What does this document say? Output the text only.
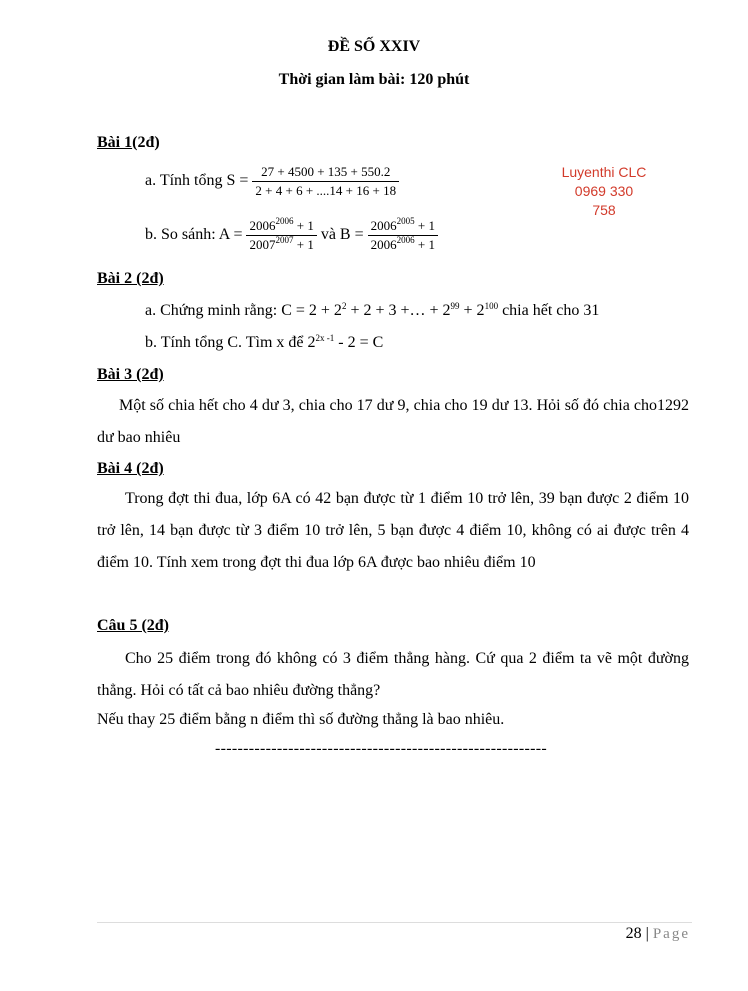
ĐỀ SỐ XXIV
Thời gian làm bài: 120 phút
Luyenthi CLC
0969 330
758
Bài 1(2đ)
a. Tính tổng $S = \frac{27 + 4500 + 135 + 550.2}{2 + 4 + 6 + ....14 + 16 + 18}$
b. So sánh: $A = \frac{2006^{2006} + 1}{2007^{2007} + 1}$ và $B = \frac{2006^{2005} + 1}{2006^{2006} + 1}$
Bài 2 (2đ)
a. Chứng minh rằng: $C = 2 + 2^2 + 2 + 3$ +… + $2^{99} + 2^{100}$ chia hết cho 31
b. Tính tổng C. Tìm x để $2^{2x -1} - 2 = C$
Bài 3 (2đ)
Một số chia hết cho 4 dư 3, chia cho 17 dư 9, chia cho 19 dư 13. Hỏi số đó chia cho1292 dư bao nhiêu
Bài 4 (2đ)
Trong đợt thi đua, lớp 6A có 42 bạn được từ 1 điểm 10 trở lên, 39 bạn được 2 điểm 10 trở lên, 14 bạn được từ 3 điểm 10 trở lên, 5 bạn được 4 điểm 10, không có ai được trên 4 điểm 10. Tính xem trong đợt thi đua lớp 6A được bao nhiêu điểm 10
Câu 5 (2đ)
Cho 25 điểm trong đó không có 3 điểm thẳng hàng. Cứ qua 2 điểm ta vẽ một đường thẳng. Hỏi có tất cả bao nhiêu đường thẳng?
Nếu thay 25 điểm bằng n điểm thì số đường thẳng là bao nhiêu.
-----------------------------------------------------------
28 | Page
